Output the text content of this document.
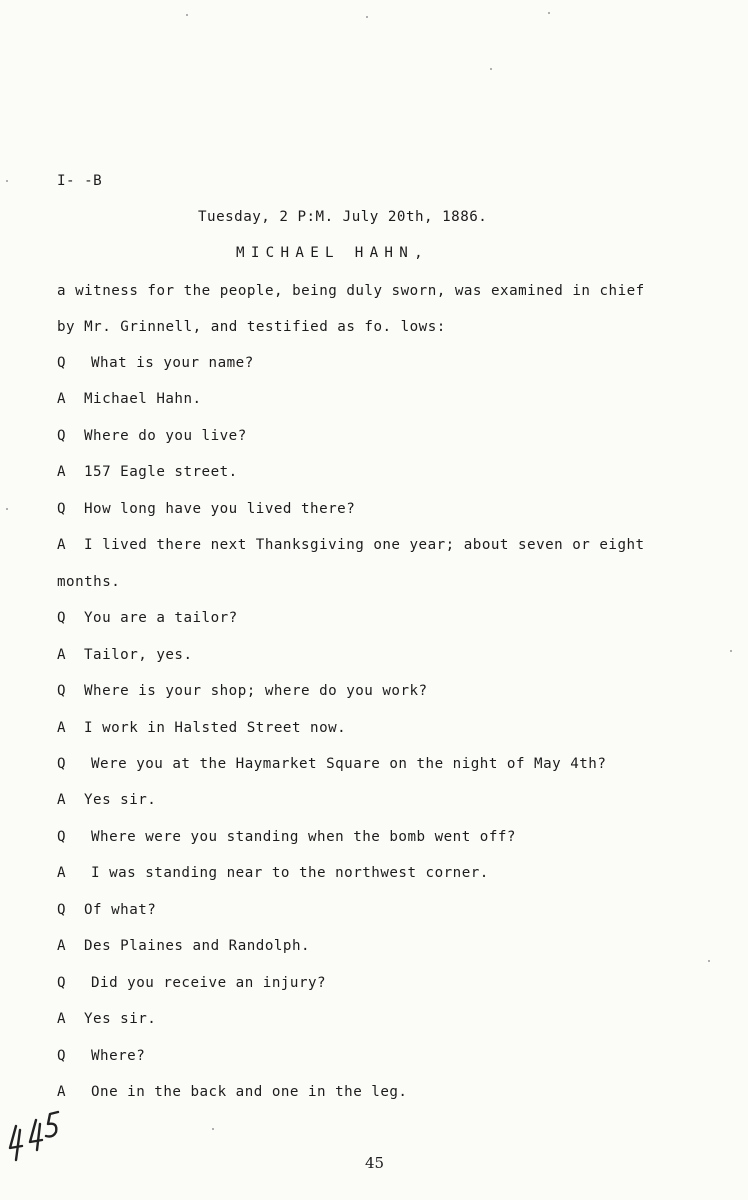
I- -B
Tuesday, 2 P:M. July 20th, 1886.
MICHAEL HAHN,
a witness for the people, being duly sworn, was examined in chief
by Mr. Grinnell, and testified as fo. lows:
Q What is your name?
A Michael Hahn.
Q Where do you live?
A 157 Eagle street.
Q How long have you lived there?
A I lived there next Thanksgiving one year; about seven or eight
months.
Q You are a tailor?
A Tailor, yes.
Q Where is your shop; where do you work?
A I work in Halsted Street now.
Q Were you at the Haymarket Square on the night of May 4th?
A Yes sir.
Q Where were you standing when the bomb went off?
A I was standing near to the northwest corner.
Q Of what?
A Des Plaines and Randolph.
Q Did you receive an injury?
A Yes sir.
Q Where?
A One in the back and one in the leg.
45
